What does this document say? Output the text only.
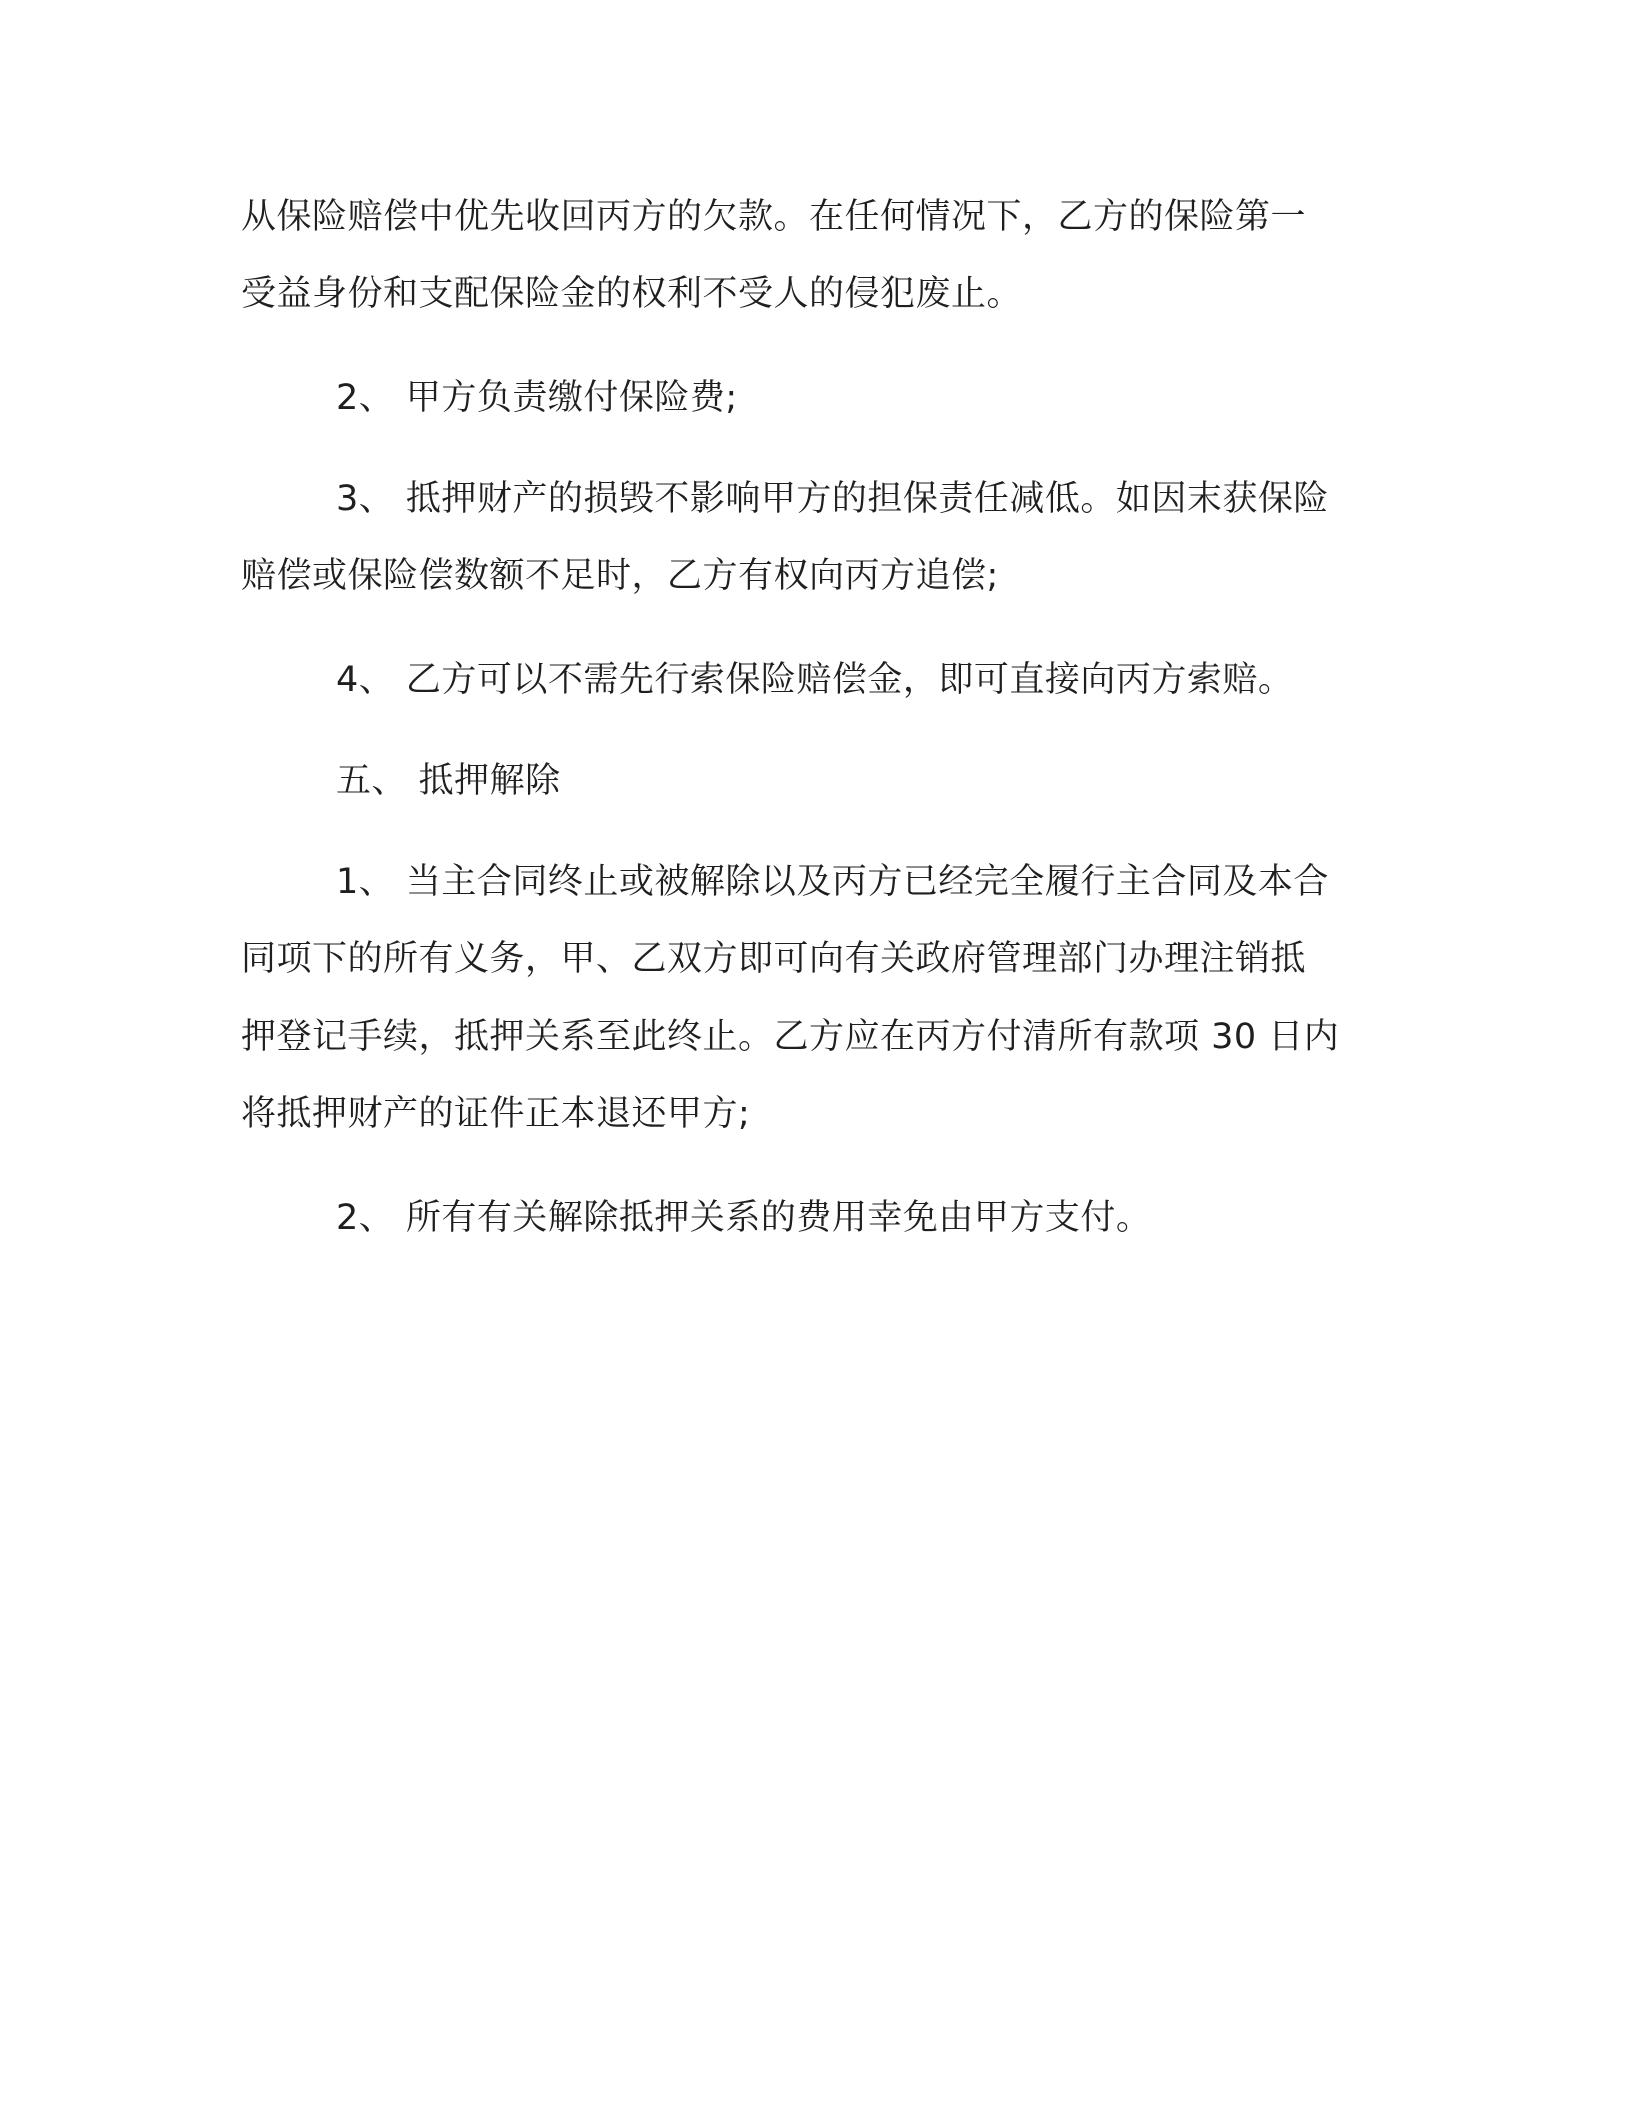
从保险赔偿中优先收回丙方的欠款。在任何情况下，乙方的保险第一
受益身份和支配保险金的权利不受人的侵犯废止。
2、 甲方负责缴付保险费;
3、 抵押财产的损毁不影响甲方的担保责任减低。如因末获保险
赔偿或保险偿数额不足时，乙方有权向丙方追偿;
4、 乙方可以不需先行索保险赔偿金，即可直接向丙方索赔。
五、 抵押解除
1、 当主合同终止或被解除以及丙方已经完全履行主合同及本合
同项下的所有义务，甲、乙双方即可向有关政府管理部门办理注销抵
押登记手续，抵押关系至此终止。乙方应在丙方付清所有款项 30 日内
将抵押财产的证件正本退还甲方;
2、 所有有关解除抵押关系的费用幸免由甲方支付。
